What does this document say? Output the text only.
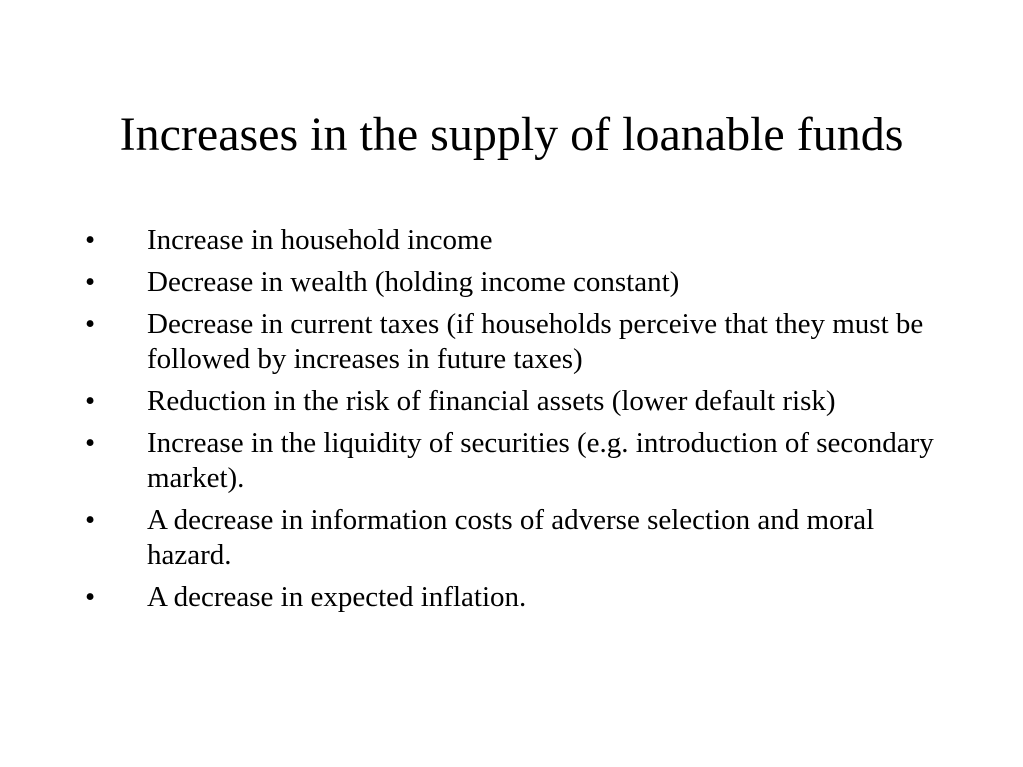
Increases in the supply of loanable funds
•	Increase in household income
•	Decrease in wealth (holding income constant)
•	Decrease in current taxes (if households perceive that they must be followed by increases in future taxes)
•	Reduction in the risk of financial assets (lower default risk)
•	Increase in the liquidity of securities (e.g. introduction of secondary market).
•	A decrease in information costs of adverse selection and moral hazard.
•	A decrease in expected inflation.
